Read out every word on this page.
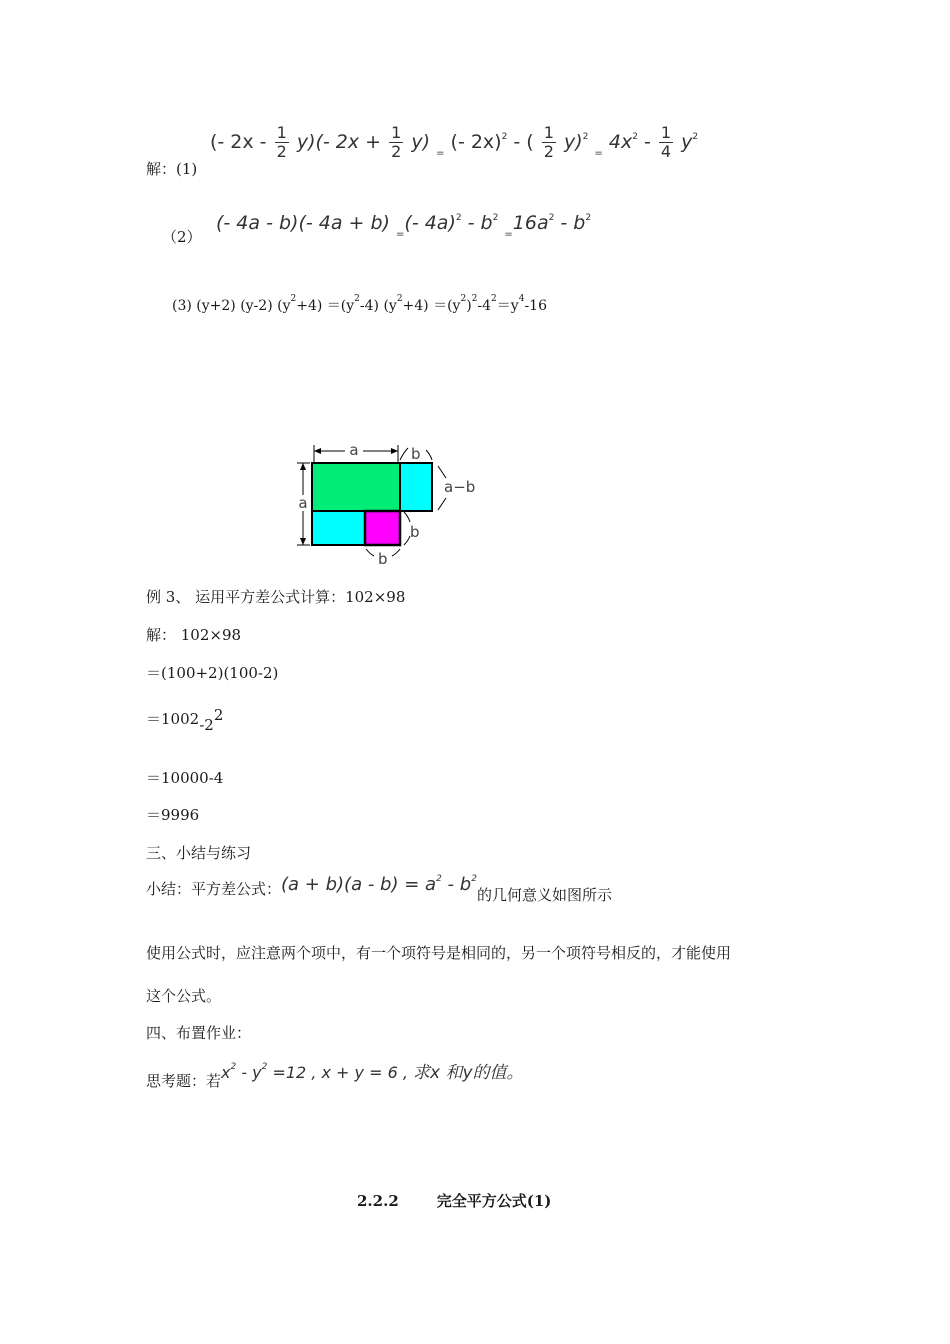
解：(1)
(- $2x - \frac{1}{2} y)(-$ $2x + \frac{1}{2} y$) $_=$ (- 2x)$^2$ - ( $\frac{1}{2} y)^2$ $_=$ $4x^2 - \frac{1}{4} y^2$
（2）
(- 4a - b)(- 4a + b) $_=$(- $4a)^2 - b^2$ $_=16a^2 - b^2$
(3) (y+2) (y-2) $(y^2+4) =(y^2-4)$ $(y^2+4) =(y^2)^2-4^2=y^4-16$
a
a
b
a−b
b
b
例 3、 运用平方差公式计算：102×98
解： 102×98
＝(100+2)(100-2)
＝1002-22
＝10000-4
＝9996
三、小结与练习
小结：平方差公式：$(a + b)(a - b) = a^2 - b^2$的几何意义如图所示
使用公式时，应注意两个项中，有一个项符号是相同的，另一个项符号相反的，才能使用
这个公式。
四、布置作业：
思考题：若$x^2 - y^2 =12$ , x + y = 6 , 求x 和y的值。
2.2.2	完全平方公式(1)
